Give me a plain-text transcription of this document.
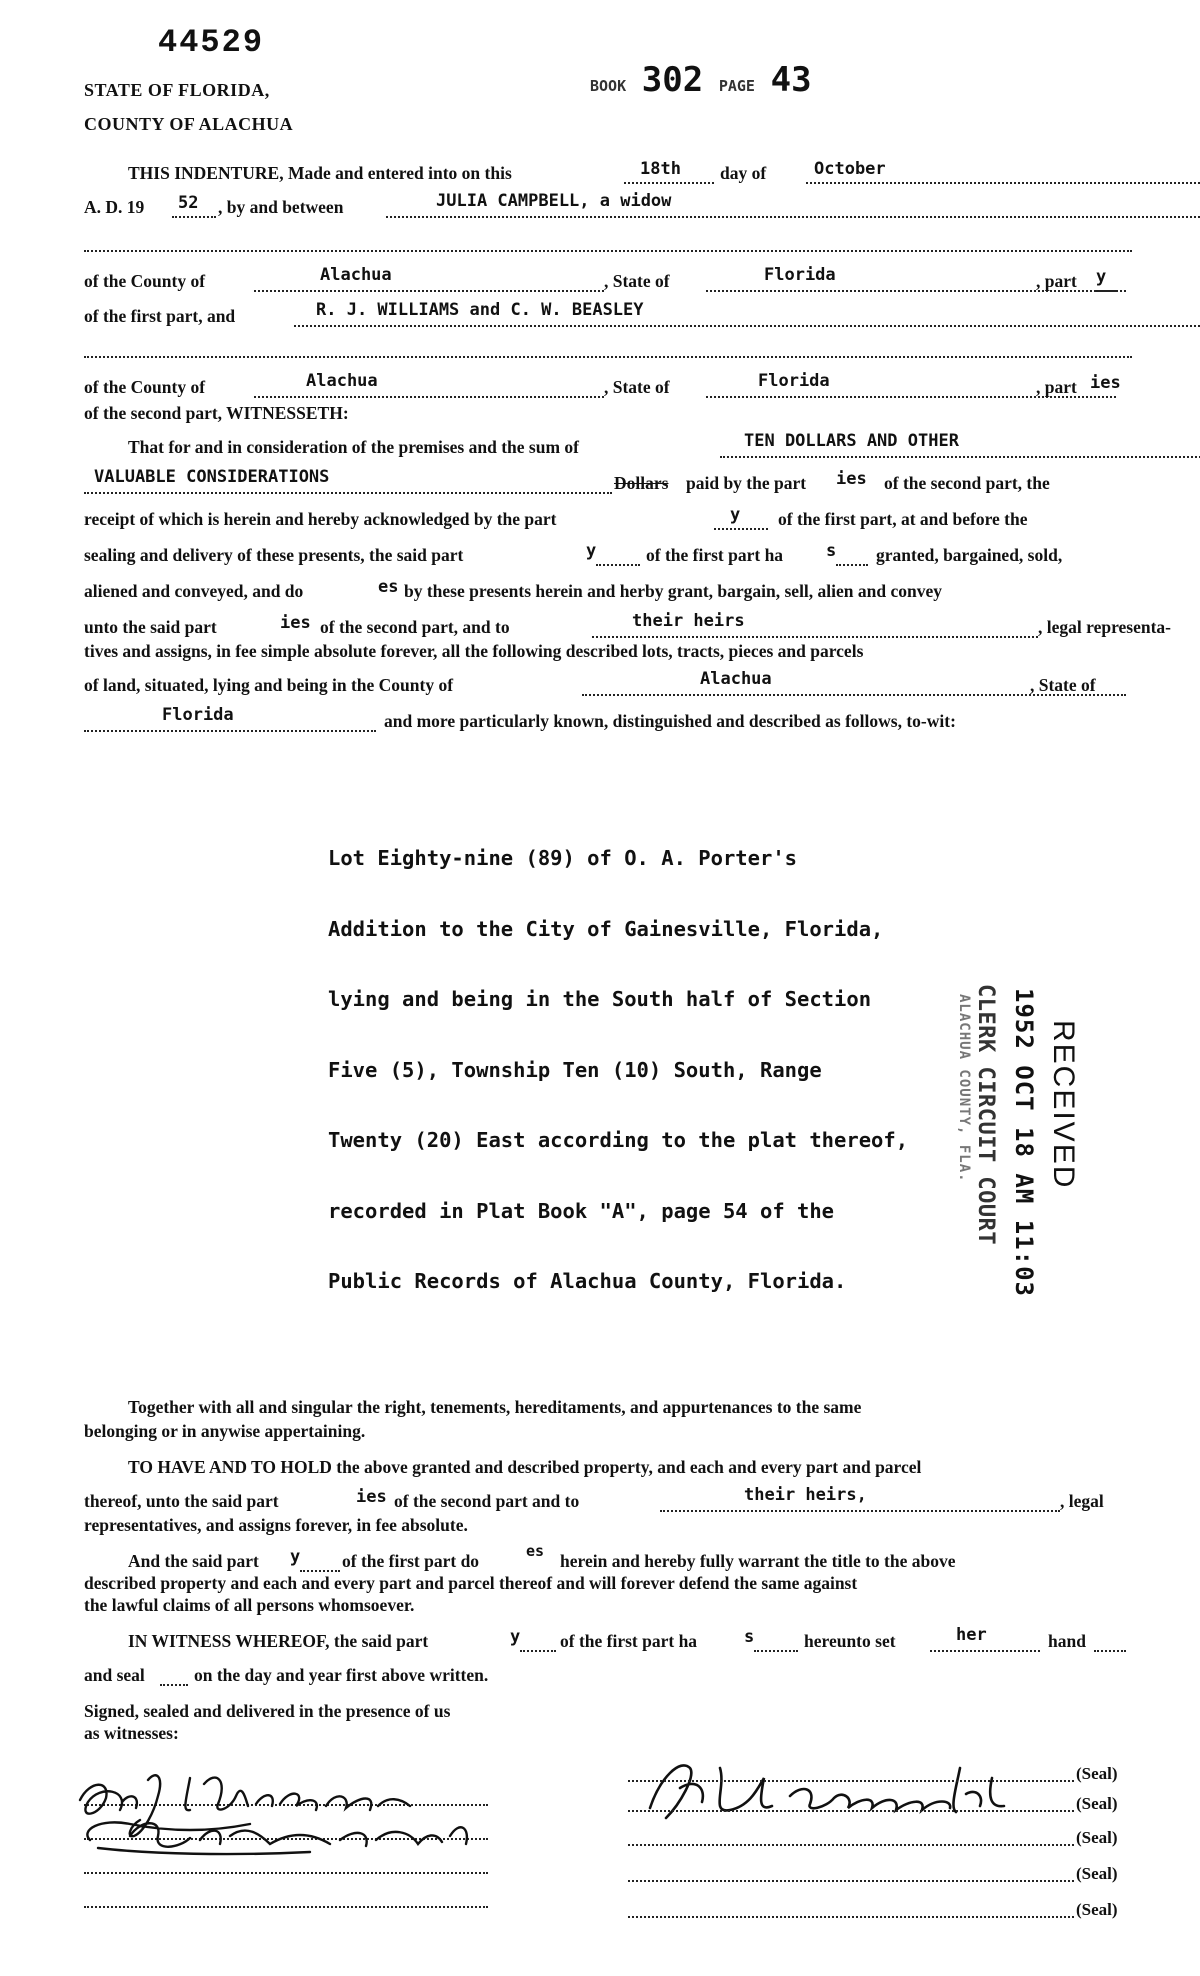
44529
STATE OF FLORIDA,
COUNTY OF ALACHUA
BOOK 302 PAGE 43
THIS INDENTURE, Made and entered into on this	18th day of	October
A. D. 19 52 , by and between	JULIA CAMPBELL, a widow
of the County of	Alachua	, State of	Florida	, part y
of the first part, and	R. J. WILLIAMS and C. W. BEASLEY
of the County of	Alachua	, State of	Florida	, part ies
of the second part, WITNESSETH:
That for and in consideration of the premises and the sum of	TEN DOLLARS AND OTHER
VALUABLE CONSIDERATIONS	Dollars paid by the part ies of the second part, the
receipt of which is herein and hereby acknowledged by the part	y of the first part, at and before the
sealing and delivery of these presents, the said part	y	of the first part ha	s granted, bargained, sold,
aliened and conveyed, and do	es by these presents herein and herby grant, bargain, sell, alien and convey
unto the said part	ies of the second part, and to	their heirs	, legal representa-
tives and assigns, in fee simple absolute forever, all the following described lots, tracts, pieces and parcels
of land, situated, lying and being in the County of	Alachua	, State of
Florida	and more particularly known, distinguished and described as follows, to-wit:

Lot Eighty-nine (89) of O. A. Porter's

Addition to the City of Gainesville, Florida,

lying and being in the South half of Section

Five (5), Township Ten (10) South, Range

Twenty (20) East according to the plat thereof,

recorded in Plat Book "A", page 54 of the

Public Records of Alachua County, Florida.

RECEIVED
1952 OCT 18 AM 11:03
CLERK CIRCUIT COURT
ALACHUA COUNTY, FLA.
Together with all and singular the right, tenements, hereditaments, and appurtenances to the same
belonging or in anywise appertaining.
TO HAVE AND TO HOLD the above granted and described property, and each and every part and parcel
thereof, unto the said part	ies of the second part and to	their heirs,	, legal
representatives, and assigns forever, in fee absolute.
And the said part y of the first part do	es herein and hereby fully warrant the title to the above
described property and each and every part and parcel thereof and will forever defend the same against
the lawful claims of all persons whomsoever.
IN WITNESS WHEREOF, the said part	y of the first part ha	s	hereunto set	her	hand
and seal	on the day and year first above written.
Signed, sealed and delivered in the presence of us
as witnesses:
(Seal)
(Seal)
(Seal)
(Seal)
(Seal)
